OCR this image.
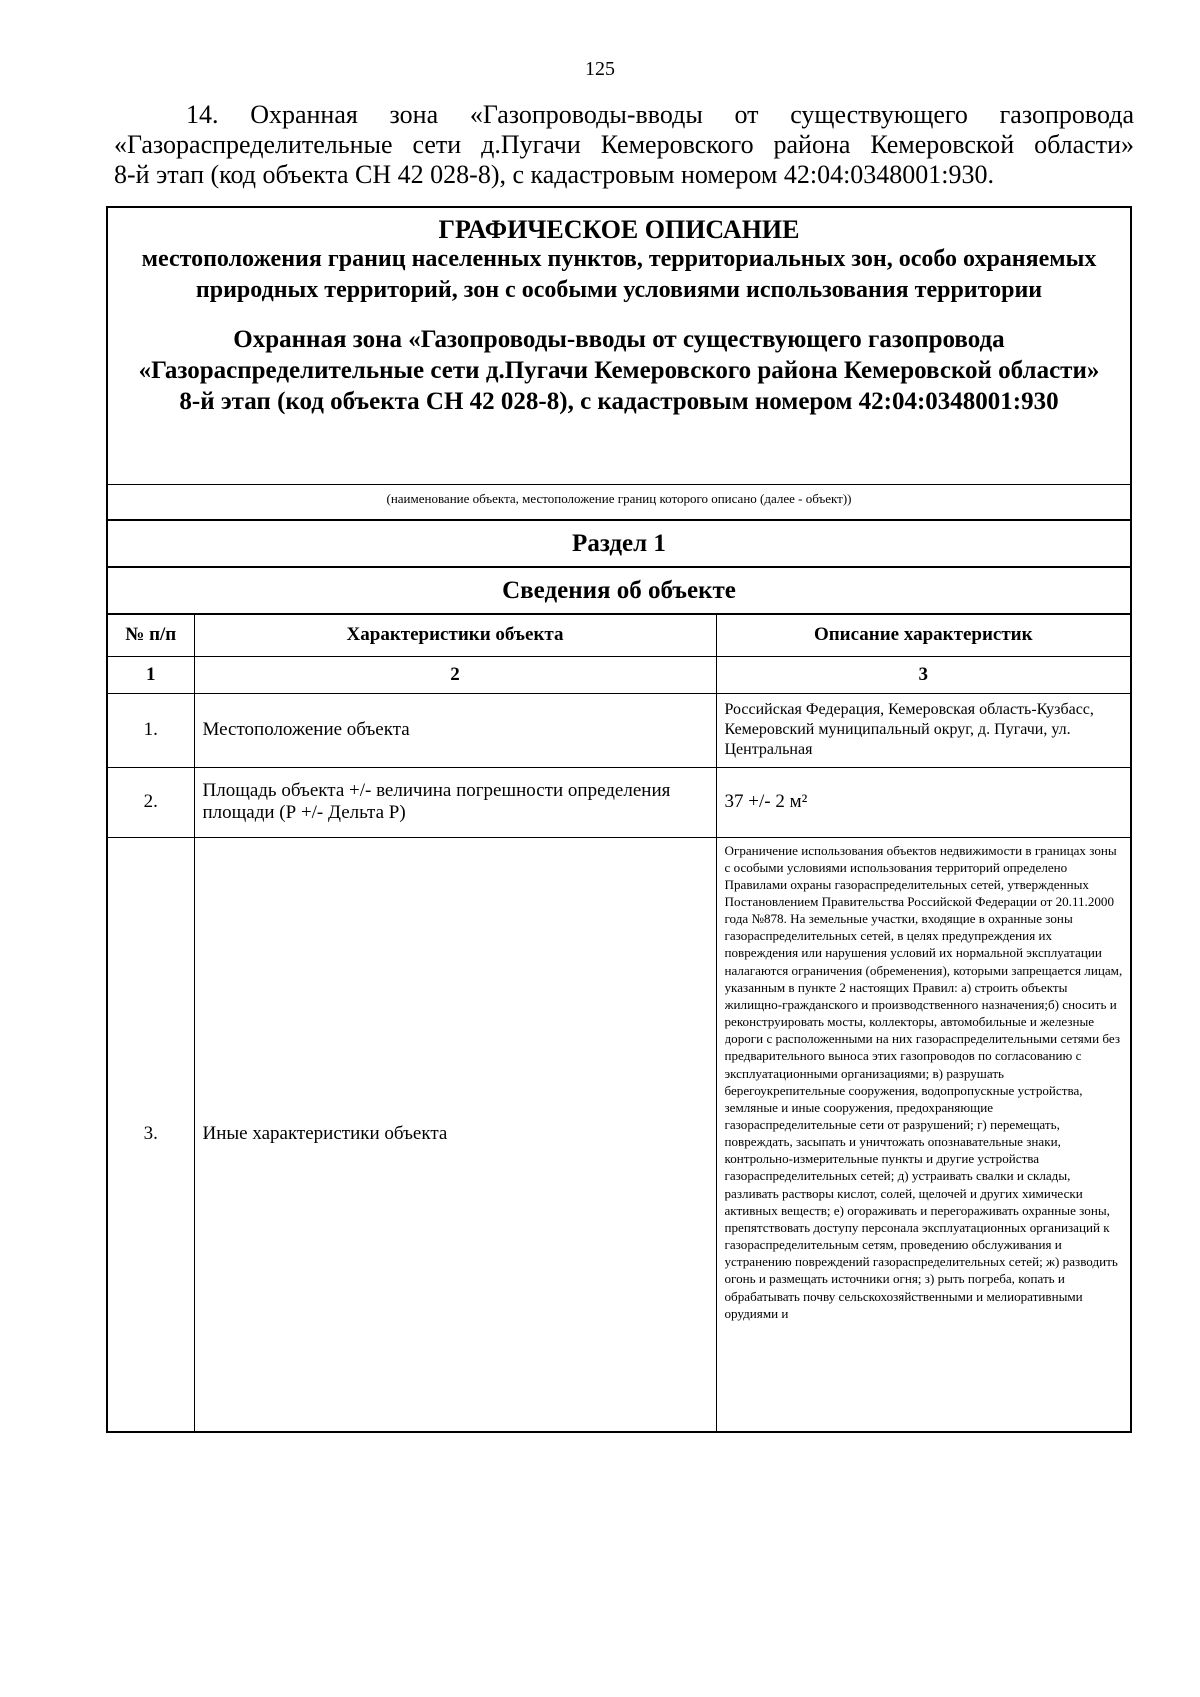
125

14. Охранная зона «Газопроводы-вводы от существующего газопровода

«Газораспределительные сети д.Пугачи Кемеровского района Кемеровской области»

8-й этап (код объекта СН 42 028-8), с кадастровым номером 42:04:0348001:930.

ГРАФИЧЕСКОЕ ОПИСАНИЕ
местоположения границ населенных пунктов, территориальных зон, особо охраняемых природных территорий, зон с особыми условиями использования территории
Охранная зона «Газопроводы-вводы от существующего газопровода «Газораспределительные сети д.Пугачи Кемеровского района Кемеровской области» 8-й этап (код объекта СН 42 028-8), с кадастровым номером 42:04:0348001:930
(наименование объекта, местоположение границ которого описано (далее - объект))
Раздел 1
Сведения об объекте
№ п/п	Характеристики объекта	Описание характеристик
1	2	3
1.	Местоположение объекта	Российская Федерация, Кемеровская область-Кузбасс, Кемеровский муниципальный округ, д. Пугачи, ул. Центральная
2.	Площадь объекта +/- величина погрешности определения площади (Р +/- Дельта Р)	37 +/- 2 м²
3.	Иные характеристики объекта	Ограничение использования объектов недвижимости в границах зоны с особыми условиями использования территорий определено Правилами охраны газораспределительных сетей, утвержденных Постановлением Правительства Российской Федерации от 20.11.2000 года №878. На земельные участки, входящие в охранные зоны газораспределительных сетей, в целях предупреждения их повреждения или нарушения условий их нормальной эксплуатации налагаются ограничения (обременения), которыми запрещается лицам, указанным в пункте 2 настоящих Правил: а) строить объекты жилищно-гражданского и производственного назначения;б) сносить и реконструировать мосты, коллекторы, автомобильные и железные дороги с расположенными на них газораспределительными сетями без предварительного выноса этих газопроводов по согласованию с эксплуатационными организациями; в) разрушать берегоукрепительные сооружения, водопропускные устройства, земляные и иные сооружения, предохраняющие газораспределительные сети от разрушений; г) перемещать, повреждать, засыпать и уничтожать опознавательные знаки, контрольно-измерительные пункты и другие устройства газораспределительных сетей; д) устраивать свалки и склады, разливать растворы кислот, солей, щелочей и других химически активных веществ; е) огораживать и перегораживать охранные зоны, препятствовать доступу персонала эксплуатационных организаций к газораспределительным сетям, проведению обслуживания и устранению повреждений газораспределительных сетей; ж) разводить огонь и размещать источники огня; з) рыть погреба, копать и обрабатывать почву сельскохозяйственными и мелиоративными орудиями и
